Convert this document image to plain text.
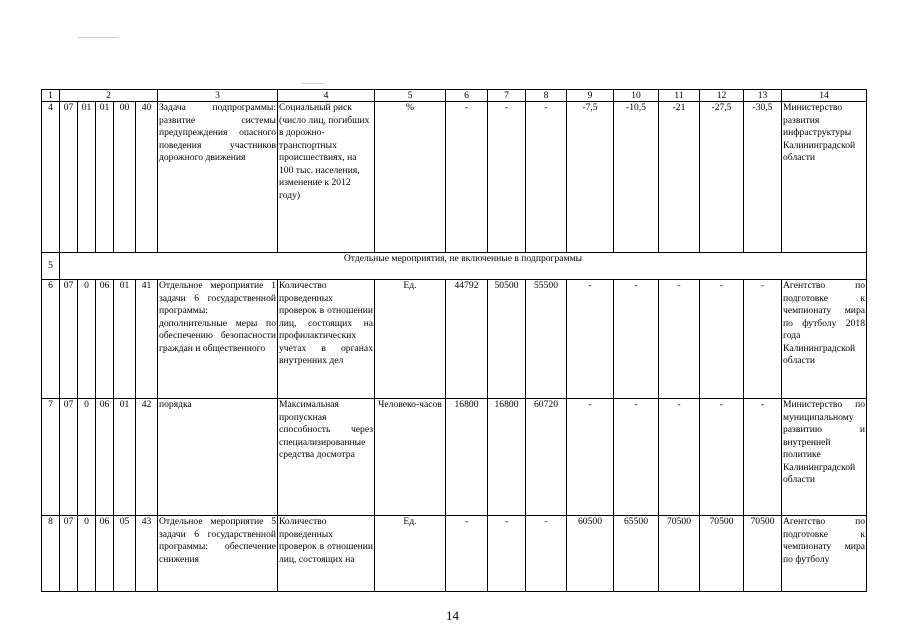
1	2					3	4	5	6	7	8	9	10	11	12	13	14
4	07	01	01	00	40	Задача подпрограммы: развитие системы предупреждения опасного поведения участников дорожного движения	Социальный риск (число лиц, погибших в дорожно-транспортных происшествиях, на 100 тыс. населения, изменение к 2012 году)	%	-	-	-	-7,5	-10,5	-21	-27,5	-30,5	Министерство развития инфраструктуры Калининградской области
5	Отдельные мероприятия, не включенные в подпрограммы																
6	07	0	06	01	41	Отдельное мероприятие 1 задачи 6 государственной программы: дополнительные меры по обеспечению безопасности граждан и общественного	Количество проведенных проверок в отношении лиц, состоящих на профилактических учетах в органах внутренних дел	Ед.	44792	50500	55500	-	-	-	-	-	Агентство по подготовке к чемпионату мира по футболу 2018 года Калининградской области
7	07	0	06	01	42	порядка	Максимальная пропускная способность через специализированные средства досмотра	Человеко-часов	16800	16800	60720	-	-	-	-	-	Министерство по муниципальному развитию и внутренней политике Калининградской области
8	07	0	06	05	43	Отдельное мероприятие 5 задачи 6 государственной программы: обеспечение снижения	Количество проведенных проверок в отношении лиц, состоящих на	Ед.	-	-	-	60500	65500	70500	70500	70500	Агентство по подготовке к чемпионату мира по футболу
14
